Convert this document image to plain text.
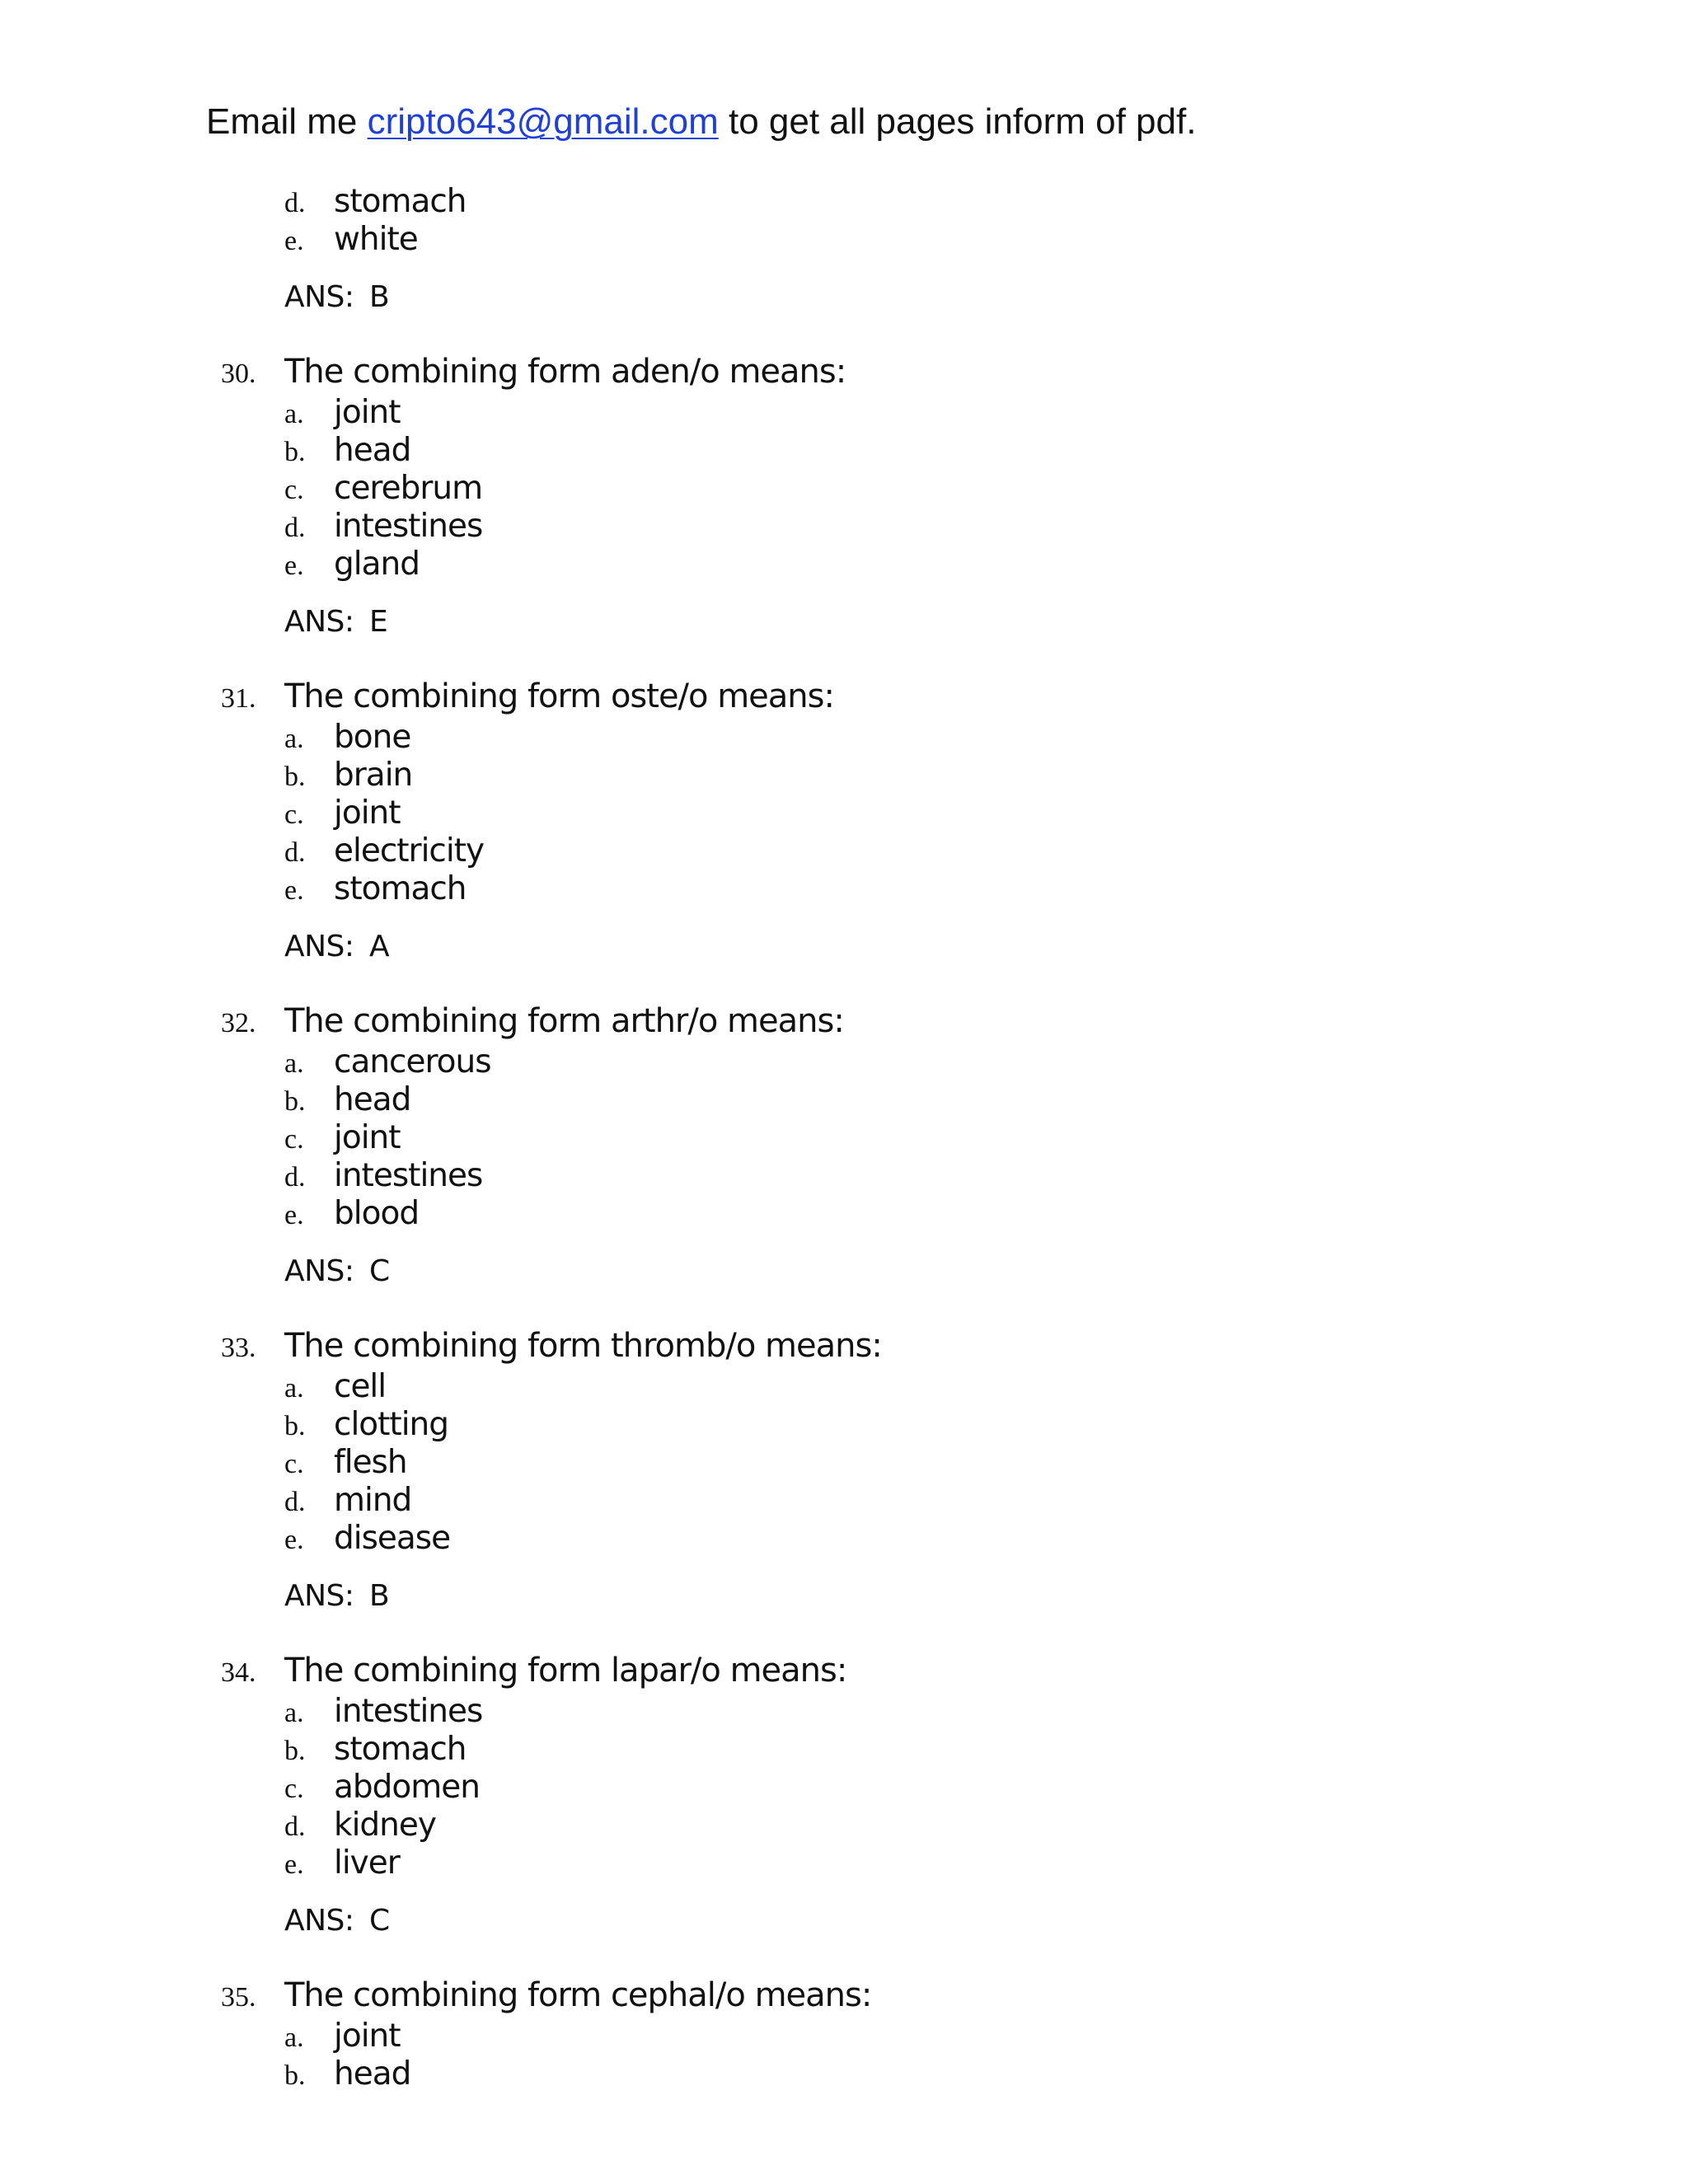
Email me cripto643@gmail.com to get all pages inform of pdf.
d. stomach
e. white
ANS: B
30. The combining form aden/o means:
a. joint
b. head
c. cerebrum
d. intestines
e. gland
ANS: E
31. The combining form oste/o means:
a. bone
b. brain
c. joint
d. electricity
e. stomach
ANS: A
32. The combining form arthr/o means:
a. cancerous
b. head
c. joint
d. intestines
e. blood
ANS: C
33. The combining form thromb/o means:
a. cell
b. clotting
c. flesh
d. mind
e. disease
ANS: B
34. The combining form lapar/o means:
a. intestines
b. stomach
c. abdomen
d. kidney
e. liver
ANS: C
35. The combining form cephal/o means:
a. joint
b. head
